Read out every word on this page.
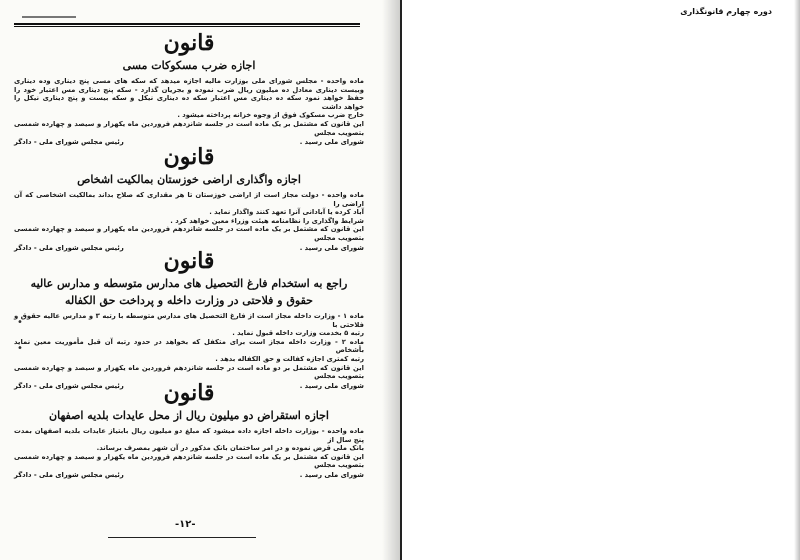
دوره چهارم قانونگذاری
قانون
اجازه ضرب مسکوکات مسی

ماده واحده - مجلس شورای ملی بوزارت مالیه اجازه میدهد که سکه های مسی پنج دیناری وده دیناری وبیست دیناری معادل ده میلیون ریال ضرب نموده و بجریان گذارد - سکه پنج دیناری مس اعتبار خود را حفظ خواهد نمود سکه ده دیناری مس اعتبار سکه ده دیناری نیکل و سکه بیست و پنج دیناری نیکل را خواهد داشت

خارج ضرب مسکوک فوق از وجوه خزانه پرداخته میشود .

این قانون که مشتمل بر یک ماده است در جلسه شانزدهم فروردین ماه یکهزار و سیصد و چهارده شمسی بتصویب مجلس

شورای ملی رسید .
رئیس مجلس شورای ملی - دادگر
قانون
اجازه واگذاری اراضی خوزستان بمالکیت اشخاص

ماده واحده - دولت مجاز است از اراضی خوزستان تا هر مقداری که صلاح بداند بمالکیت اشخاصی که آن اراضی را

آباد کرده یا آبادانی آنرا تعهد کنند واگذار نماید .

شرایط واگذاری را نظامنامه هیئت وزراء معین خواهد کرد .

این قانون که مشتمل بر یک ماده است در جلسه شانزدهم فروردین ماه یکهزار و سیصد و چهارده شمسی بتصویب مجلس

شورای ملی رسید .
رئیس مجلس شورای ملی - دادگر
قانون
راجع به استخدام فارغ التحصیل های مدارس متوسطه و مدارس عالیه
حقوق و فلاحتی در وزارت داخله و پرداخت حق الکفاله

ماده ۱ - وزارت داخله مجاز است از فارغ التحصیل های مدارس متوسطه با رتبه ۳ و مدارس عالیه حقوق و فلاحتی با

رتبه ۵ بخدمت وزارت داخله قبول نماید .

ماده ۲ - وزارت داخله مجاز است برای متکفل که بخواهد در حدود رتبه آن قبل مأموریت معین نماید بأشخاص

رتبه کمتری اجازه کفالت و حق الکفاله بدهد .

این قانون که مشتمل بر دو ماده است در جلسه شانزدهم فروردین ماه یکهزار و سیصد و چهارده شمسی بتصویب مجلس

شورای ملی رسید .
رئیس مجلس شورای ملی - دادگر	قانون
اجازه استقراض دو میلیون ریال از محل عایدات بلدیه اصفهان

ماده واحده - بوزارت داخله اجازه داده میشود که مبلغ دو میلیون ریال بابتیاز عایدات بلدیه اصفهان بمدت پنج سال از

بانک ملی قرض نموده و در امر ساختمان بانک مذکور در آن شهر بمصرف برساند.

این قانون که مشتمل بر یک ماده است در جلسه شانزدهم فروردین ماه یکهزار و سیصد و چهارده شمسی بتصویب مجلس

شورای ملی رسید .
رئیس مجلس شورای ملی - دادگر
•
•
-۱۲-
